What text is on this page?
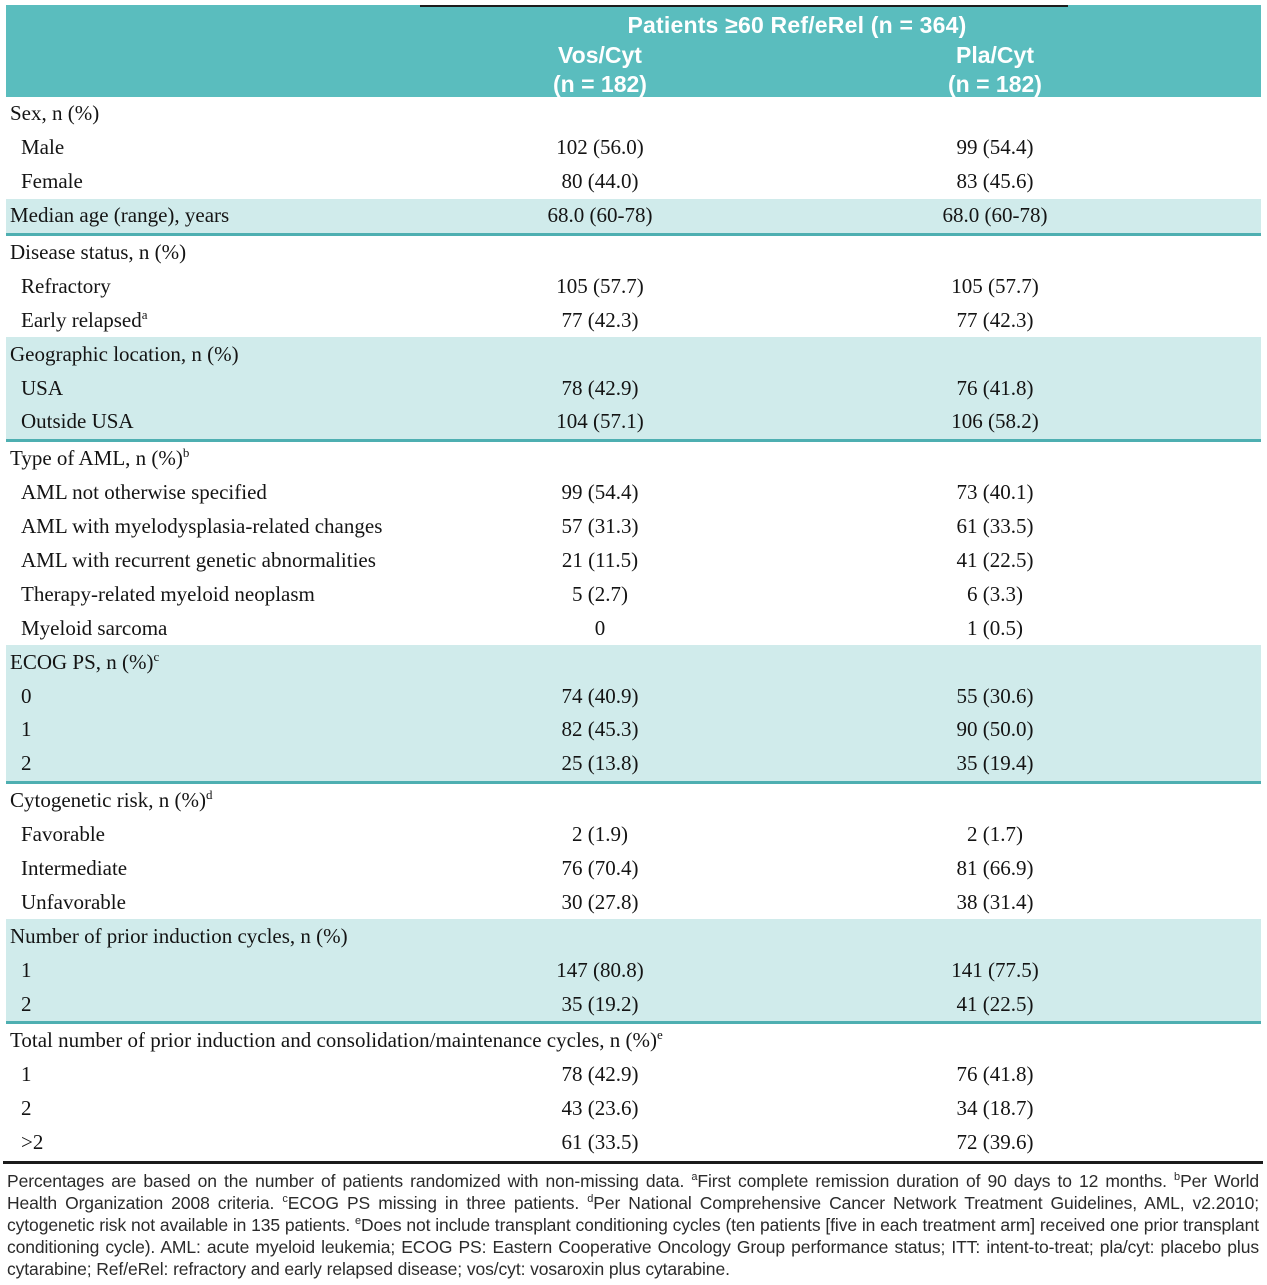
Patients ≥60 Ref/eRel (n = 364)
Vos/Cyt
(n = 182)
Pla/Cyt
(n = 182)
Sex, n (%)
Male	102 (56.0)	99 (54.4)
Female	80 (44.0)	83 (45.6)
Median age (range), years	68.0 (60-78)	68.0 (60-78)
Disease status, n (%)
Refractory	105 (57.7)	105 (57.7)
Early relapsed$^a$	77 (42.3)	77 (42.3)
Geographic location, n (%)
USA	78 (42.9)	76 (41.8)
Outside USA	104 (57.1)	106 (58.2)
Type of AML, n (%)$^b$
AML not otherwise specified	99 (54.4)	73 (40.1)
AML with myelodysplasia-related changes	57 (31.3)	61 (33.5)
AML with recurrent genetic abnormalities	21 (11.5)	41 (22.5)
Therapy-related myeloid neoplasm	5 (2.7)	6 (3.3)
Myeloid sarcoma	0	1 (0.5)
ECOG PS, n (%)$^c$
0	74 (40.9)	55 (30.6)
1	82 (45.3)	90 (50.0)
2	25 (13.8)	35 (19.4)
Cytogenetic risk, n (%)$^d$
Favorable	2 (1.9)	2 (1.7)
Intermediate	76 (70.4)	81 (66.9)
Unfavorable	30 (27.8)	38 (31.4)
Number of prior induction cycles, n (%)
1	147 (80.8)	141 (77.5)
2	35 (19.2)	41 (22.5)
Total number of prior induction and consolidation/maintenance cycles, n (%)$^e$
1	78 (42.9)	76 (41.8)
2	43 (23.6)	34 (18.7)
>2	61 (33.5)	72 (39.6)
Percentages are based on the number of patients randomized with non-missing data. $^a$First complete remission duration of 90 days to 12 months. $^b$Per World Health Organization 2008 criteria. $^c$ECOG PS missing in three patients. $^d$Per National Comprehensive Cancer Network Treatment Guidelines, AML, v2.2010; cytogenetic risk not available in 135 patients. $^e$Does not include transplant conditioning cycles (ten patients [five in each treatment arm] received one prior transplant conditioning cycle). AML: acute myeloid leukemia; ECOG PS: Eastern Cooperative Oncology Group performance status; ITT: intent-to-treat; pla/cyt: placebo plus cytarabine; Ref/eRel: refractory and early relapsed disease; vos/cyt: vosaroxin plus cytarabine.
